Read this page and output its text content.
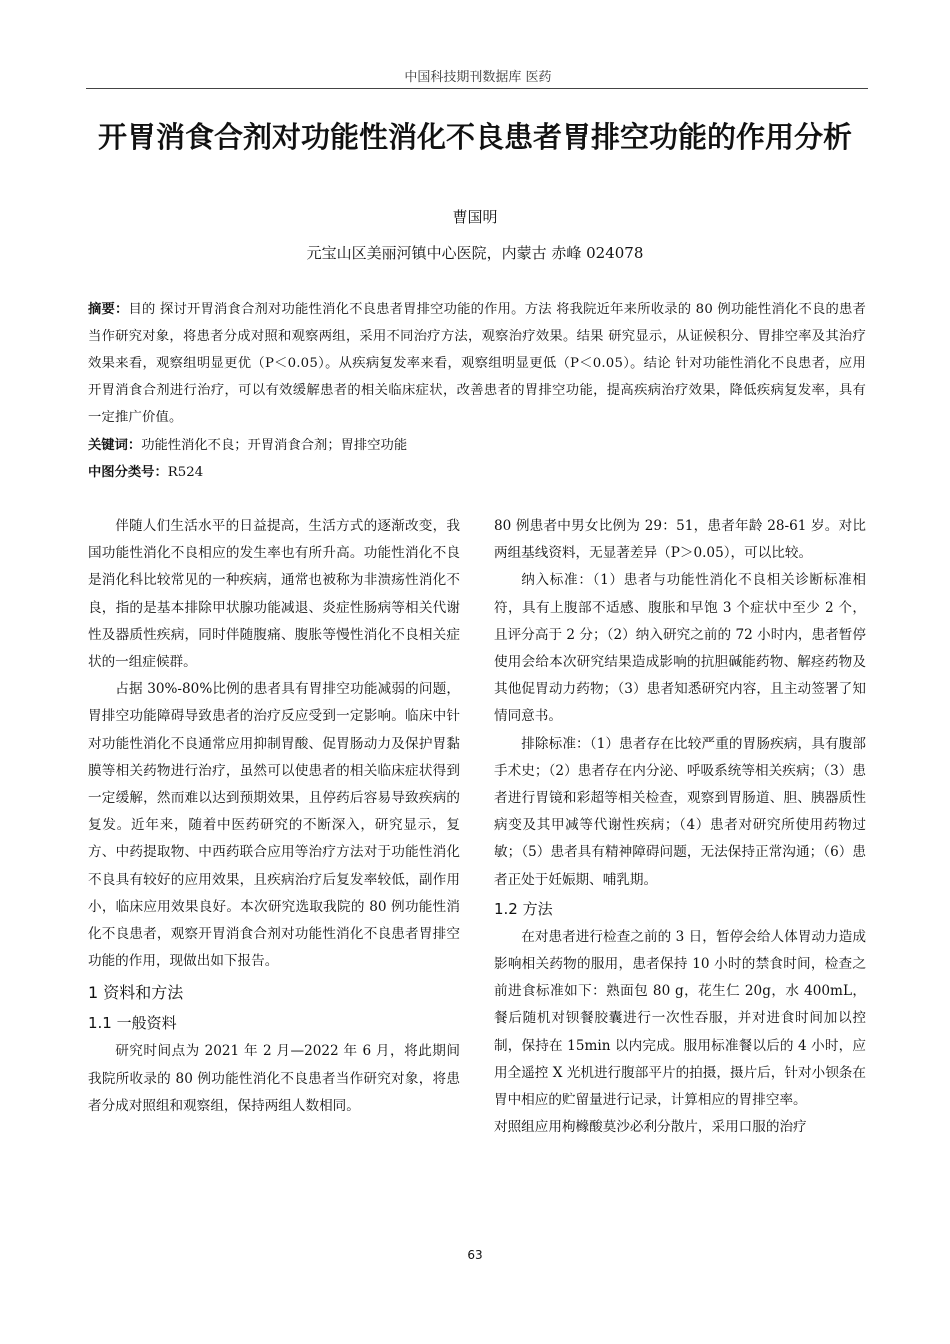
中国科技期刊数据库 医药
开胃消食合剂对功能性消化不良患者胃排空功能的作用分析
曹国明
元宝山区美丽河镇中心医院，内蒙古 赤峰 024078
摘要：目的 探讨开胃消食合剂对功能性消化不良患者胃排空功能的作用。方法 将我院近年来所收录的 80 例功能性消化不良的患者当作研究对象，将患者分成对照和观察两组，采用不同治疗方法，观察治疗效果。结果 研究显示，从证候积分、胃排空率及其治疗效果来看，观察组明显更优（P＜0.05）。从疾病复发率来看，观察组明显更低（P＜0.05）。结论 针对功能性消化不良患者，应用开胃消食合剂进行治疗，可以有效缓解患者的相关临床症状，改善患者的胃排空功能，提高疾病治疗效果，降低疾病复发率，具有一定推广价值。
关键词：功能性消化不良；开胃消食合剂；胃排空功能
中图分类号：R524

伴随人们生活水平的日益提高，生活方式的逐渐改变，我国功能性消化不良相应的发生率也有所升高。功能性消化不良是消化科比较常见的一种疾病，通常也被称为非溃疡性消化不良，指的是基本排除甲状腺功能减退、炎症性肠病等相关代谢性及器质性疾病，同时伴随腹痛、腹胀等慢性消化不良相关症状的一组症候群。

占据 30%-80%比例的患者具有胃排空功能减弱的问题，胃排空功能障碍导致患者的治疗反应受到一定影响。临床中针对功能性消化不良通常应用抑制胃酸、促胃肠动力及保护胃黏膜等相关药物进行治疗，虽然可以使患者的相关临床症状得到一定缓解，然而难以达到预期效果，且停药后容易导致疾病的复发。近年来，随着中医药研究的不断深入，研究显示，复方、中药提取物、中西药联合应用等治疗方法对于功能性消化不良具有较好的应用效果，且疾病治疗后复发率较低，副作用小，临床应用效果良好。本次研究选取我院的 80 例功能性消化不良患者，观察开胃消食合剂对功能性消化不良患者胃排空功能的作用，现做出如下报告。

1 资料和方法
1.1 一般资料

研究时间点为 2021 年 2 月—2022 年 6 月，将此期间我院所收录的 80 例功能性消化不良患者当作研究对象，将患者分成对照组和观察组，保持两组人数相同。

80 例患者中男女比例为 29：51，患者年龄 28-61 岁。对比两组基线资料，无显著差异（P＞0.05），可以比较。

纳入标准：（1）患者与功能性消化不良相关诊断标准相符，具有上腹部不适感、腹胀和早饱 3 个症状中至少 2 个，且评分高于 2 分；（2）纳入研究之前的 72 小时内，患者暂停使用会给本次研究结果造成影响的抗胆碱能药物、解痉药物及其他促胃动力药物；（3）患者知悉研究内容，且主动签署了知情同意书。

排除标准：（1）患者存在比较严重的胃肠疾病，具有腹部手术史；（2）患者存在内分泌、呼吸系统等相关疾病；（3）患者进行胃镜和彩超等相关检查，观察到胃肠道、胆、胰器质性病变及其甲减等代谢性疾病；（4）患者对研究所使用药物过敏；（5）患者具有精神障碍问题，无法保持正常沟通；（6）患者正处于妊娠期、哺乳期。

1.2 方法

在对患者进行检查之前的 3 日，暂停会给人体胃动力造成影响相关药物的服用，患者保持 10 小时的禁食时间，检查之前进食标准如下：熟面包 80 g，花生仁 20g，水 400mL，餐后随机对钡餐胶囊进行一次性吞服，并对进食时间加以控制，保持在 15min 以内完成。服用标准餐以后的 4 小时，应用全遥控 X 光机进行腹部平片的拍摄，摄片后，针对小钡条在胃中相应的贮留量进行记录，计算相应的胃排空率。

对照组应用枸橼酸莫沙必利分散片，采用口服的治疗

63
